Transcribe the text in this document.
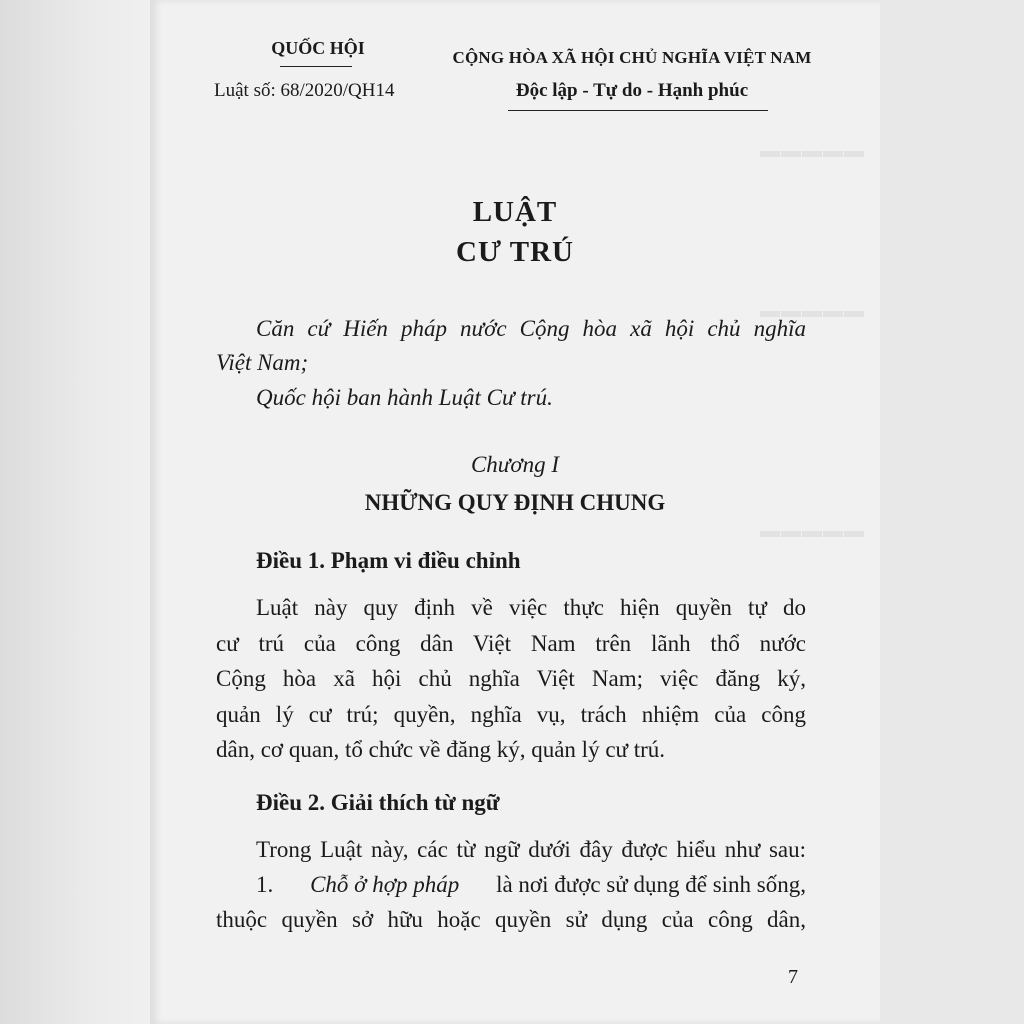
▬▬▬▬▬
▬▬▬▬▬
▬▬▬▬▬
QUỐC HỘI
Luật số: 68/2020/QH14
CỘNG HÒA XÃ HỘI CHỦ NGHĨA VIỆT NAM
Độc lập - Tự do - Hạnh phúc
LUẬT
CƯ TRÚ
Căn cứ Hiến pháp nước Cộng hòa xã hội chủ nghĩa
Việt Nam;
Quốc hội ban hành Luật Cư trú.
Chương I
NHỮNG QUY ĐỊNH CHUNG
Điều 1. Phạm vi điều chỉnh
Luật này quy định về việc thực hiện quyền tự do
cư trú của công dân Việt Nam trên lãnh thổ nước
Cộng hòa xã hội chủ nghĩa Việt Nam; việc đăng ký,
quản lý cư trú; quyền, nghĩa vụ, trách nhiệm của công
dân, cơ quan, tổ chức về đăng ký, quản lý cư trú.
Điều 2. Giải thích từ ngữ
Trong Luật này, các từ ngữ dưới đây được hiểu như sau:
1. Chỗ ở hợp pháp là nơi được sử dụng để sinh sống,
thuộc quyền sở hữu hoặc quyền sử dụng của công dân,
7
